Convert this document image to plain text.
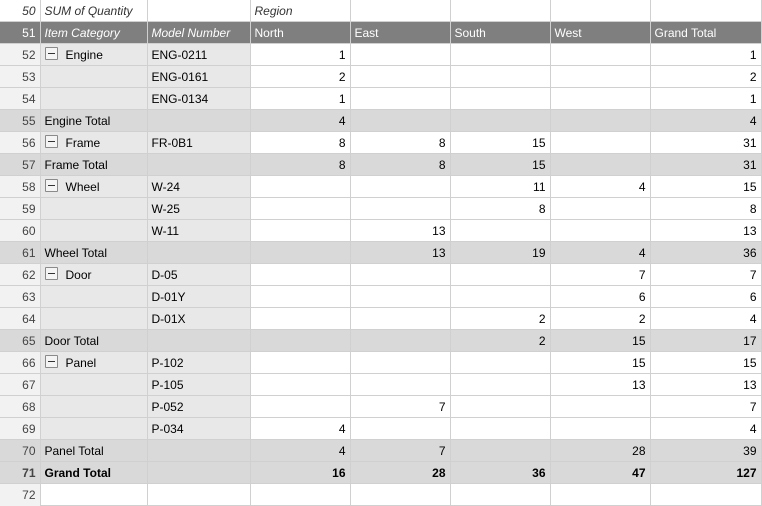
50	SUM of Quantity		Region				
51	Item Category	Model Number	North	East	South	West	Grand Total
52	Engine	ENG-0211	1				1
53		ENG-0161	2				2
54		ENG-0134	1				1
55	Engine Total		4				4
56	Frame	FR-0B1	8	8	15		31
57	Frame Total		8	8	15		31
58	Wheel	W-24			11	4	15
59		W-25			8		8
60		W-11		13			13
61	Wheel Total			13	19	4	36
62	Door	D-05				7	7
63		D-01Y				6	6
64		D-01X			2	2	4
65	Door Total				2	15	17
66	Panel	P-102				15	15
67		P-105				13	13
68		P-052		7			7
69		P-034	4				4
70	Panel Total		4	7		28	39
71	Grand Total		16	28	36	47	127
72							
